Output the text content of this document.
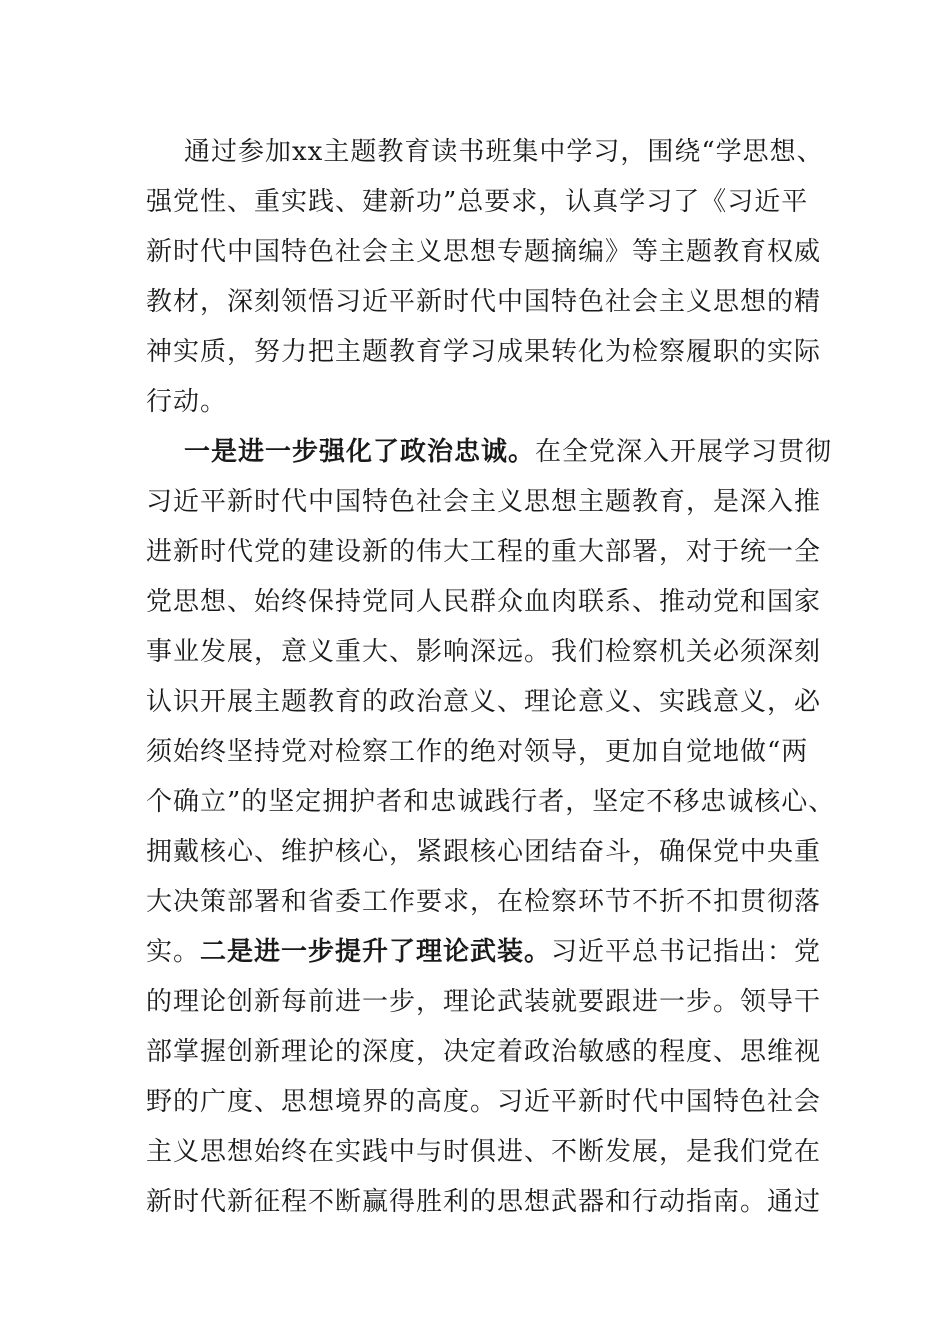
通过参加xx主题教育读书班集中学习，围绕“学思想、
强党性、重实践、建新功”总要求，认真学习了《习近平
新时代中国特色社会主义思想专题摘编》等主题教育权威
教材，深刻领悟习近平新时代中国特色社会主义思想的精
神实质，努力把主题教育学习成果转化为检察履职的实际
行动。
一是进一步强化了政治忠诚。在全党深入开展学习贯彻
习近平新时代中国特色社会主义思想主题教育，是深入推
进新时代党的建设新的伟大工程的重大部署，对于统一全
党思想、始终保持党同人民群众血肉联系、推动党和国家
事业发展，意义重大、影响深远。我们检察机关必须深刻
认识开展主题教育的政治意义、理论意义、实践意义，必
须始终坚持党对检察工作的绝对领导，更加自觉地做“两
个确立”的坚定拥护者和忠诚践行者，坚定不移忠诚核心、
拥戴核心、维护核心，紧跟核心团结奋斗，确保党中央重
大决策部署和省委工作要求，在检察环节不折不扣贯彻落
实。二是进一步提升了理论武装。习近平总书记指出：党
的理论创新每前进一步，理论武装就要跟进一步。领导干
部掌握创新理论的深度，决定着政治敏感的程度、思维视
野的广度、思想境界的高度。习近平新时代中国特色社会
主义思想始终在实践中与时俱进、不断发展，是我们党在
新时代新征程不断赢得胜利的思想武器和行动指南。通过
